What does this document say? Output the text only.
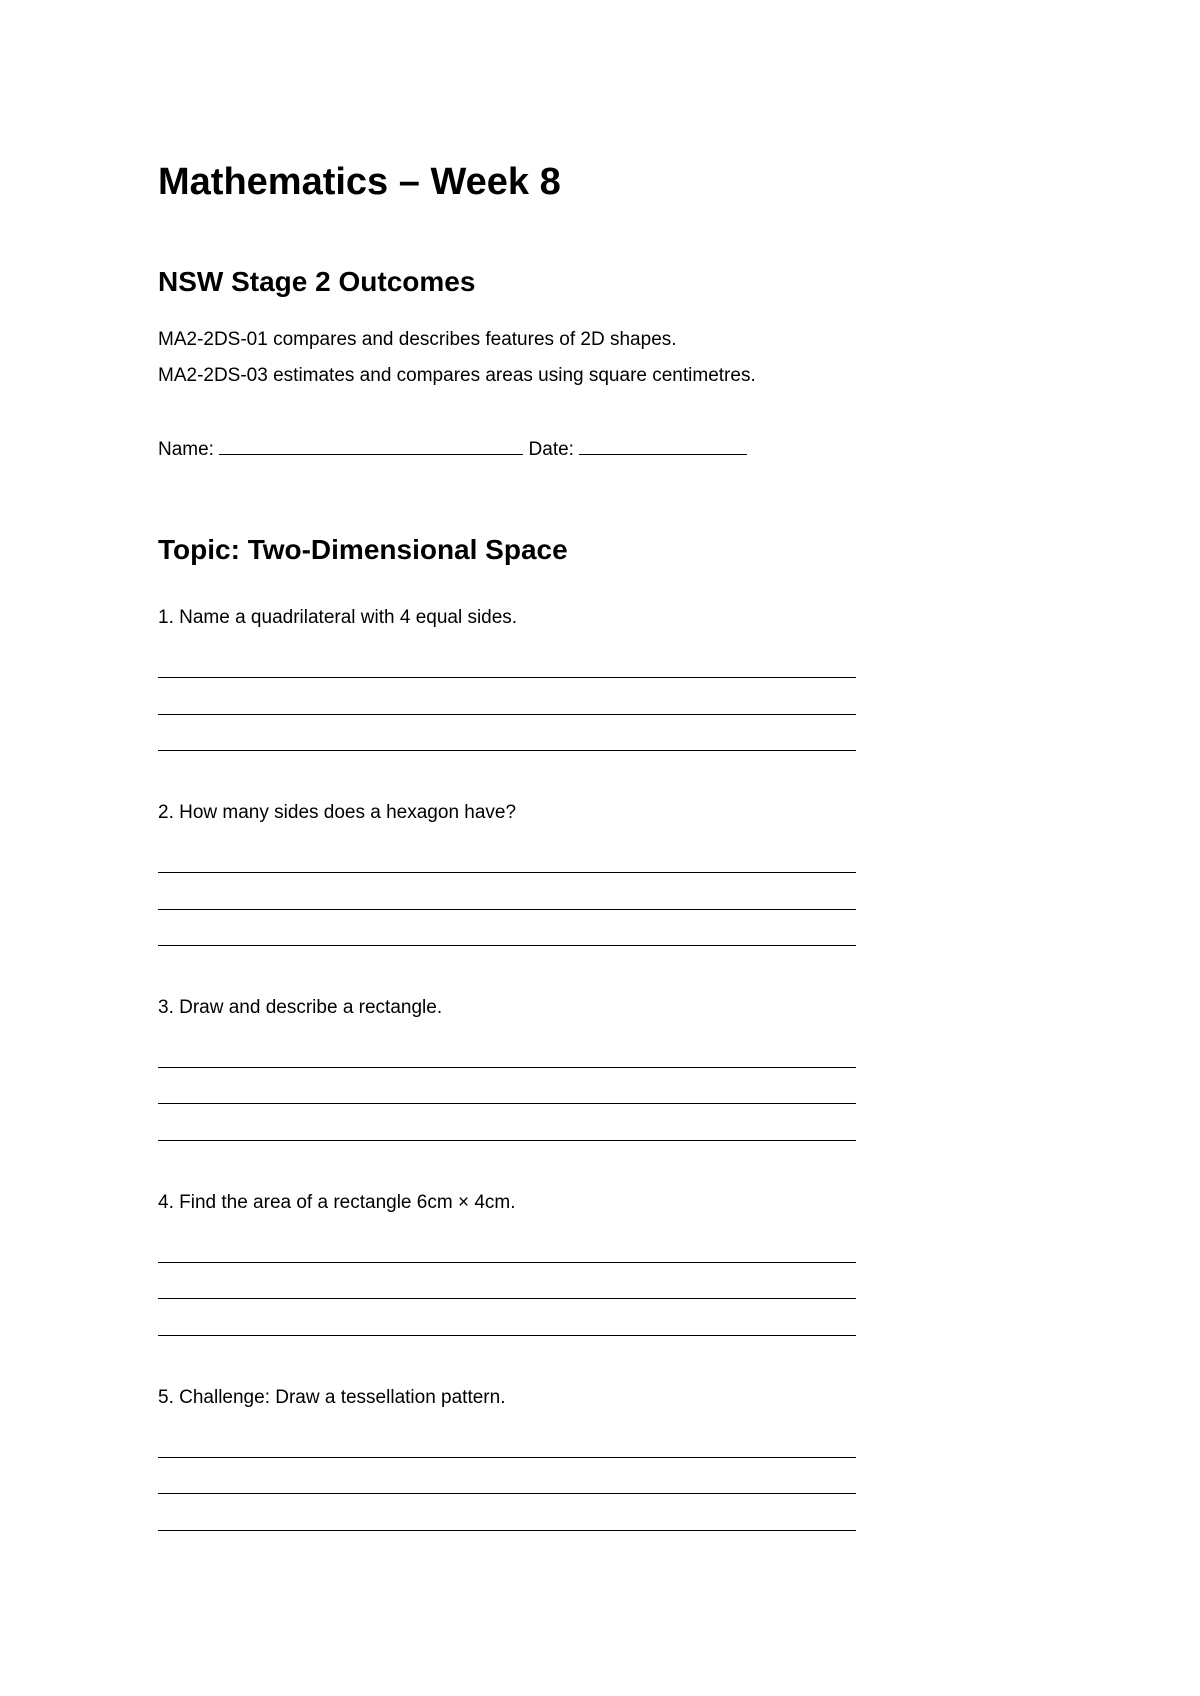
Mathematics – Week 8
NSW Stage 2 Outcomes

MA2-2DS-01 compares and describes features of 2D shapes.

MA2-2DS-03 estimates and compares areas using square centimetres.

Name:	Date:

Topic: Two-Dimensional Space

1. Name a quadrilateral with 4 equal sides.

2. How many sides does a hexagon have?

3. Draw and describe a rectangle.

4. Find the area of a rectangle 6cm × 4cm.

5. Challenge: Draw a tessellation pattern.
